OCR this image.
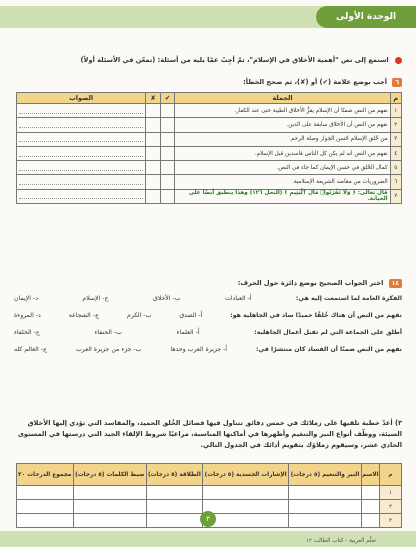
الوحدة الأولى
استمع إلى نص "أهمية الأخلاق في الإسلام"، ثمّ أجِبْ عمّا يليه من أسئلة: (تمعّن في الأسئلة أولاً)
٦ أجب بوضع علامة (✔) أو (✘)، ثم صحح الخطأ:
م	الجملة	✔	✘	الصواب
١	نفهم من النص ضمنًا أن الإسلام يقرُّ الأخلاق الطيبة حتى عند الكفار.			

٢	نفهم من النص أن الأخلاق سابقة على الدين.			

٣	من خُلق الإسلام حُسن الجوار وصلة الرحم.			

٤	نفهم من النص أنه لم يكن كل الناس فاسدين قبل الإسلام.			

٥	كمال الخُلق في حسن الإيمان كما جاء في النص.			

٦	الضروريات من مقاصد الشريعة الإسلامية.			

٧	قال تعالى: ﴿ وَلَا تَقْرَبُوا۟ مَالَ ٱلْيَتِيمِ ﴾ (النحل ١٢٦) وهذا ينطبق أيضًا على الخيانة.			
١٤ اختر الجواب الصحيح بوضع دائرة حول الحرف:
الفكرة العامة لما استمعت إليه هي:
أ- العبادات
ب- الأخلاق
ج- الإسلام
د- الإيمان
نفهم من النص أن هناك خُلقًا حميدًا ساد في الجاهلية هو:
أ- الصدق
ب- الكرم
ج- الشجاعة
د- المروءة
أطلق على الجماعة التي لم تقبل أعمال الجاهلية:
أ- العلماء
ب- الحنفاء
ج- الخلفاء
نفهم من النص ضمنًا أن الفساد كان منتشرًا في:
أ- جزيرة العرب وحدها
ب- جزء من جزيرة العرب
ج- العالم كله
٣) أعدّ خطبة تلقيها على زملائك في خمس دقائق تتناول فيها فضائل الخُلق الحميد، والمفاسد التي تؤدي إليها الأخلاق السيئة، ووظّف أنواع النبر والتنغيم وأظهرها في أماكنها المناسبة، مراعيًا شروط الإلقاء الجيد التي درستها في المستوى الحادي عشر، وسيقوم زملاؤك بتقويم أدائك في الجدول التالي.
م	الاسم	النبر والتنغيم (٥ درجات)	الإشارات الجسدية (٥ درجات)	الطلاقة (٥ درجات)	ضبط الكلمات (٥ درجات)	مجموع الدرجات ٢٠
١						
٢						
٣						
٣
تعلّم العربية - كتاب الطالب ١٢
